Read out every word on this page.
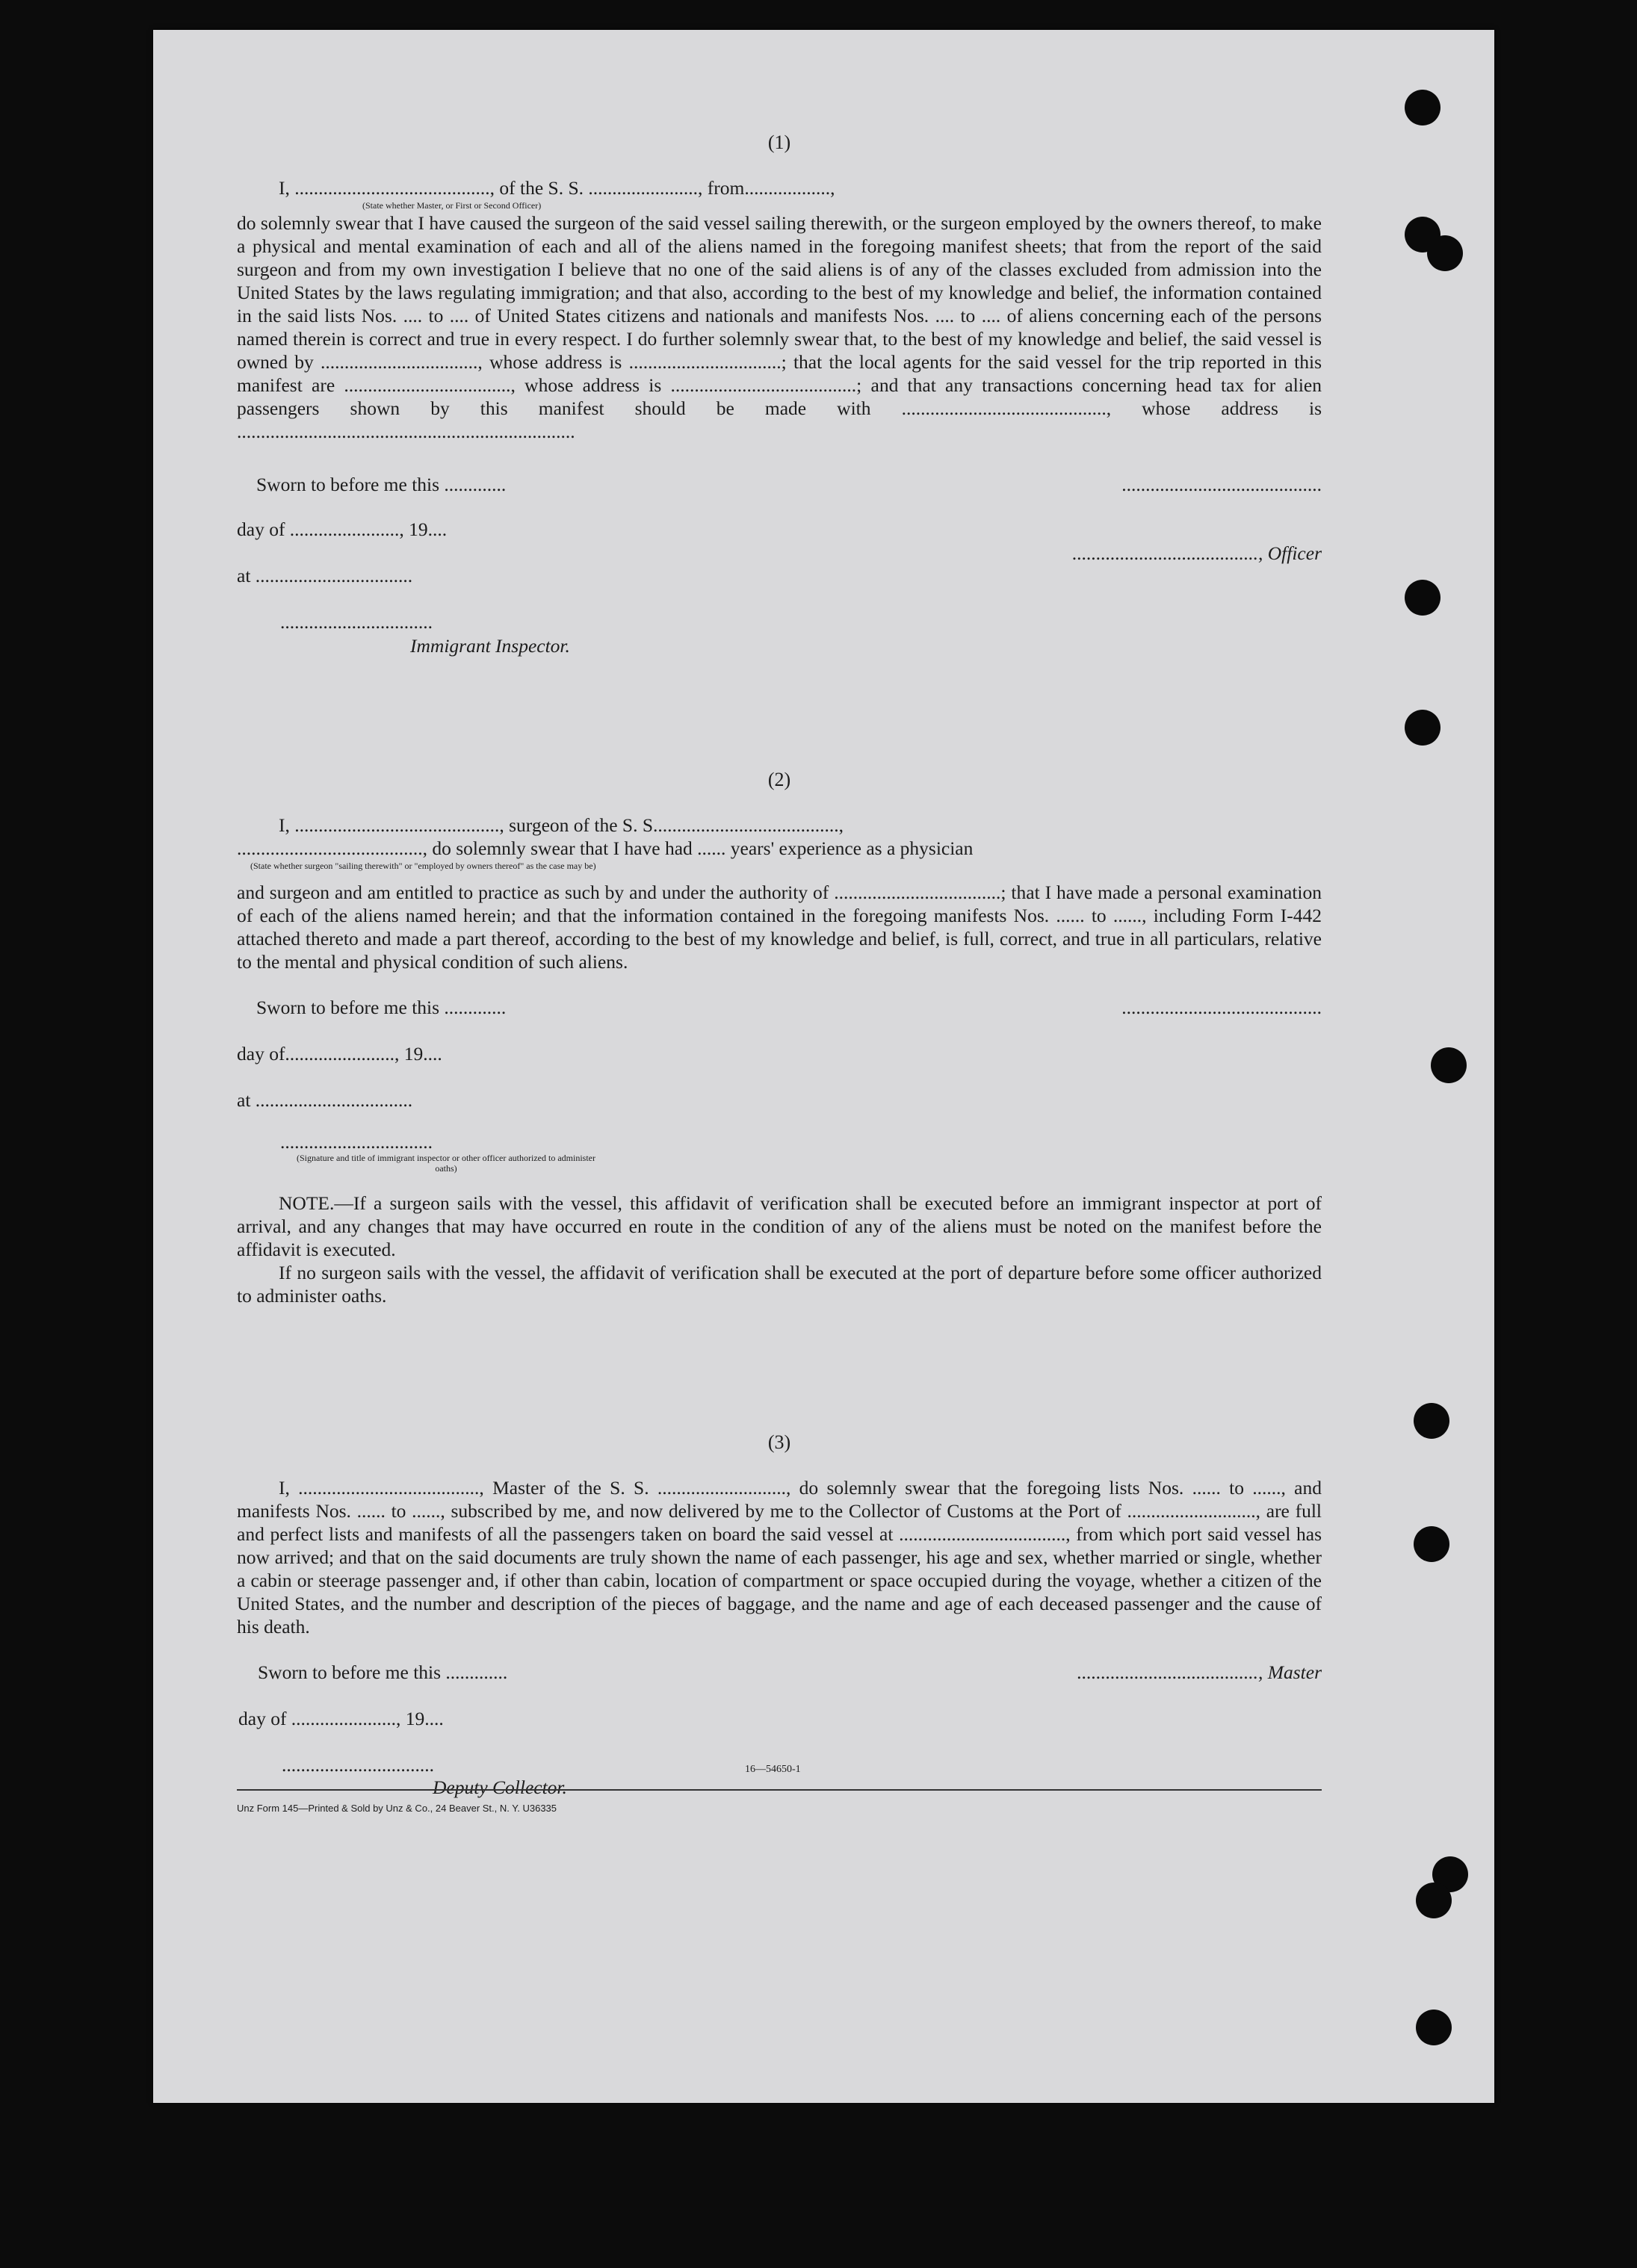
(1)
I, ........................................., of the S. S. ......................., from..................,
(State whether Master, or First or Second Officer)

do solemnly swear that I have caused the surgeon of the said vessel sailing therewith, or the surgeon employed by the owners thereof, to make a physical and mental examination of each and all of the aliens named in the foregoing manifest sheets; that from the report of the said surgeon and from my own investigation I believe that no one of the said aliens is of any of the classes excluded from admission into the United States by the laws regulating immigration; and that also, according to the best of my knowledge and belief, the information contained in the said lists Nos. .... to .... of United States citizens and nationals and manifests Nos. .... to .... of aliens concerning each of the persons named therein is correct and true in every respect. I do further solemnly swear that, to the best of my knowledge and belief, the said vessel is owned by ................................., whose address is ................................; that the local agents for the said vessel for the trip reported in this manifest are ..................................., whose address is .......................................; and that any transactions concerning head tax for alien passengers shown by this manifest should be made with ..........................................., whose address is .......................................................................

Sworn to before me this .............	..........................................
day of ......................., 19....
......................................., Officer
at .................................
................................
Immigrant Inspector.
(2)
I, ..........................................., surgeon of the S. S.......................................,
......................................., do solemnly swear that I have had ...... years' experience as a physician
(State whether surgeon "sailing therewith" or "employed by owners thereof" as the case may be)

and surgeon and am entitled to practice as such by and under the authority of ...................................; that I have made a personal examination of each of the aliens named herein; and that the information contained in the foregoing manifests Nos. ...... to ......, including Form I-442 attached thereto and made a part thereof, according to the best of my knowledge and belief, is full, correct, and true in all particulars, relative to the mental and physical condition of such aliens.

Sworn to before me this .............	..........................................
day of......................., 19....
at .................................
................................
(Signature and title of immigrant inspector or other officer authorized to administer oaths)

NOTE.—If a surgeon sails with the vessel, this affidavit of verification shall be executed before an immigrant inspector at port of arrival, and any changes that may have occurred en route in the condition of any of the aliens must be noted on the manifest before the affidavit is executed.

If no surgeon sails with the vessel, the affidavit of verification shall be executed at the port of departure before some officer authorized to administer oaths.

(3)

I, ......................................, Master of the S. S. ..........................., do solemnly swear that the foregoing lists Nos. ...... to ......, and manifests Nos. ...... to ......, subscribed by me, and now delivered by me to the Collector of Customs at the Port of ..........................., are full and perfect lists and manifests of all the passengers taken on board the said vessel at ..................................., from which port said vessel has now arrived; and that on the said documents are truly shown the name of each passenger, his age and sex, whether married or single, whether a cabin or steerage passenger and, if other than cabin, location of compartment or space occupied during the voyage, whether a citizen of the United States, and the number and description of the pieces of baggage, and the name and age of each deceased passenger and the cause of his death.

Sworn to before me this .............	......................................, Master
day of ......................, 19....
................................
Deputy Collector.
16—54650-1
Unz Form 145—Printed & Sold by Unz & Co., 24 Beaver St., N. Y. U36335
